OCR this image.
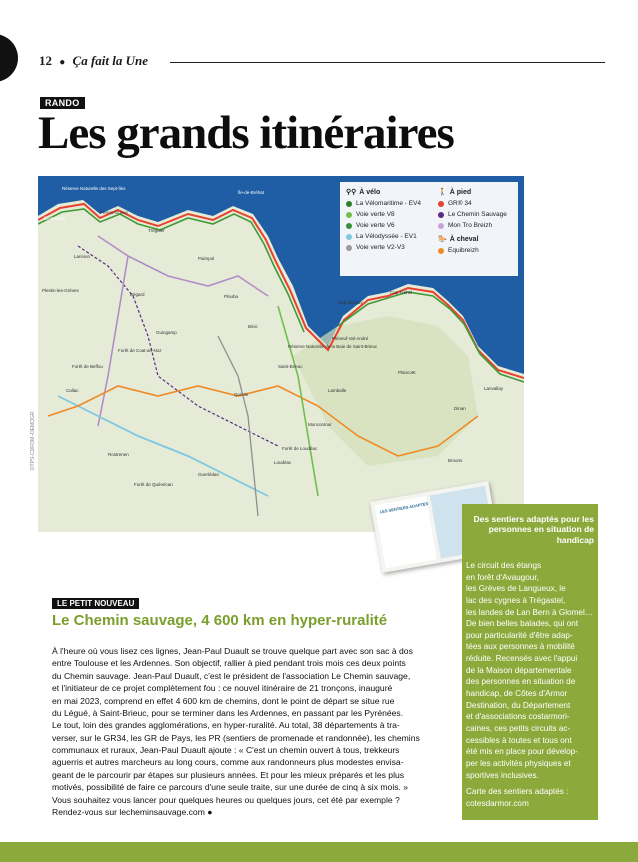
12 ● Ça fait la Une
RANDO
Les grands itinéraires
Réserve Naturelle des Sept-Îles
Île-de-Bréhat
Île-Grande
Perros-Guirec
Tréguier
Lannion	Paimpol
Plestin-les-Grèves
Bégard	Plouha
Guingamp
Binic
Forêt de Coat-an-Noz
Forêt de Beffou	Saint-Brieuc
Cap d'Erquy
Cap Fréhel
Pléneuf-Val-André
Lamballe
Plancoët
Dinan
Lanvallay
Callac
Rostrenen
Loudéac
Guerlédan
Moncontour
Quintin
Broons
Forêt de Loudéac
Forêt de Quénécan
Réserve Naturelle de la Baie de Saint-Brieuc
⚲⚲ À vélo
La Vélomaritime - EV4
Voie verte V8
Voie verte V6
La Vélodyssée - EV1
Voie verte V2-V3
🚶 À pied
GR® 34
Le Chemin Sauvage
Mon Tro Breizh
🐎 À cheval
Equibreizh
DTPS-CDFOM–DEMOGR
LES SENTIERS ADAPTÉS
Des sentiers adaptés pour les personnes en situation de handicap

Le circuit des étangs
en forêt d'Avaugour,
les Grèves de Langueux, le
lac des cygnes à Trégastel,
les landes de Lan Bern à Glomel…
De bien belles balades, qui ont
pour particularité d'être adap-
tées aux personnes à mobilité
réduite. Recensés avec l'appui
de la Maison départementale
des personnes en situation de
handicap, de Côtes d'Armor
Destination, du Département
et d'associations costarmori-
caines, ces petits circuits ac-
cessibles à toutes et tous ont
été mis en place pour dévelop-
per les activités physiques et
sportives inclusives.

Carte des sentiers adaptés : cotesdarmor.com
LE PETIT NOUVEAU
Le Chemin sauvage, 4 600 km en hyper-ruralité

À l'heure où vous lisez ces lignes, Jean-Paul Duault se trouve quelque part avec son sac à dos
entre Toulouse et les Ardennes. Son objectif, rallier à pied pendant trois mois ces deux points
du Chemin sauvage. Jean-Paul Duault, c'est le président de l'association Le Chemin sauvage,
et l'initiateur de ce projet complètement fou : ce nouvel itinéraire de 21 tronçons, inauguré
en mai 2023, comprend en effet 4 600 km de chemins, dont le point de départ se situe rue
du Légué, à Saint-Brieuc, pour se terminer dans les Ardennes, en passant par les Pyrénées.
Le tout, loin des grandes agglomérations, en hyper-ruralité. Au total, 38 départements à tra-
verser, sur le GR34, les GR de Pays, les PR (sentiers de promenade et randonnée), les chemins
communaux et ruraux, Jean-Paul Duault ajoute : « C'est un chemin ouvert à tous, trekkeurs
aguerris et autres marcheurs au long cours, comme aux randonneurs plus modestes envisa-
geant de le parcourir par étapes sur plusieurs années. Et pour les mieux préparés et les plus
motivés, possibilité de faire ce parcours d'une seule traite, sur une durée de cinq à six mois. »
Vous souhaitez vous lancer pour quelques heures ou quelques jours, cet été par exemple ?
Rendez-vous sur lecheminsauvage.com ●
